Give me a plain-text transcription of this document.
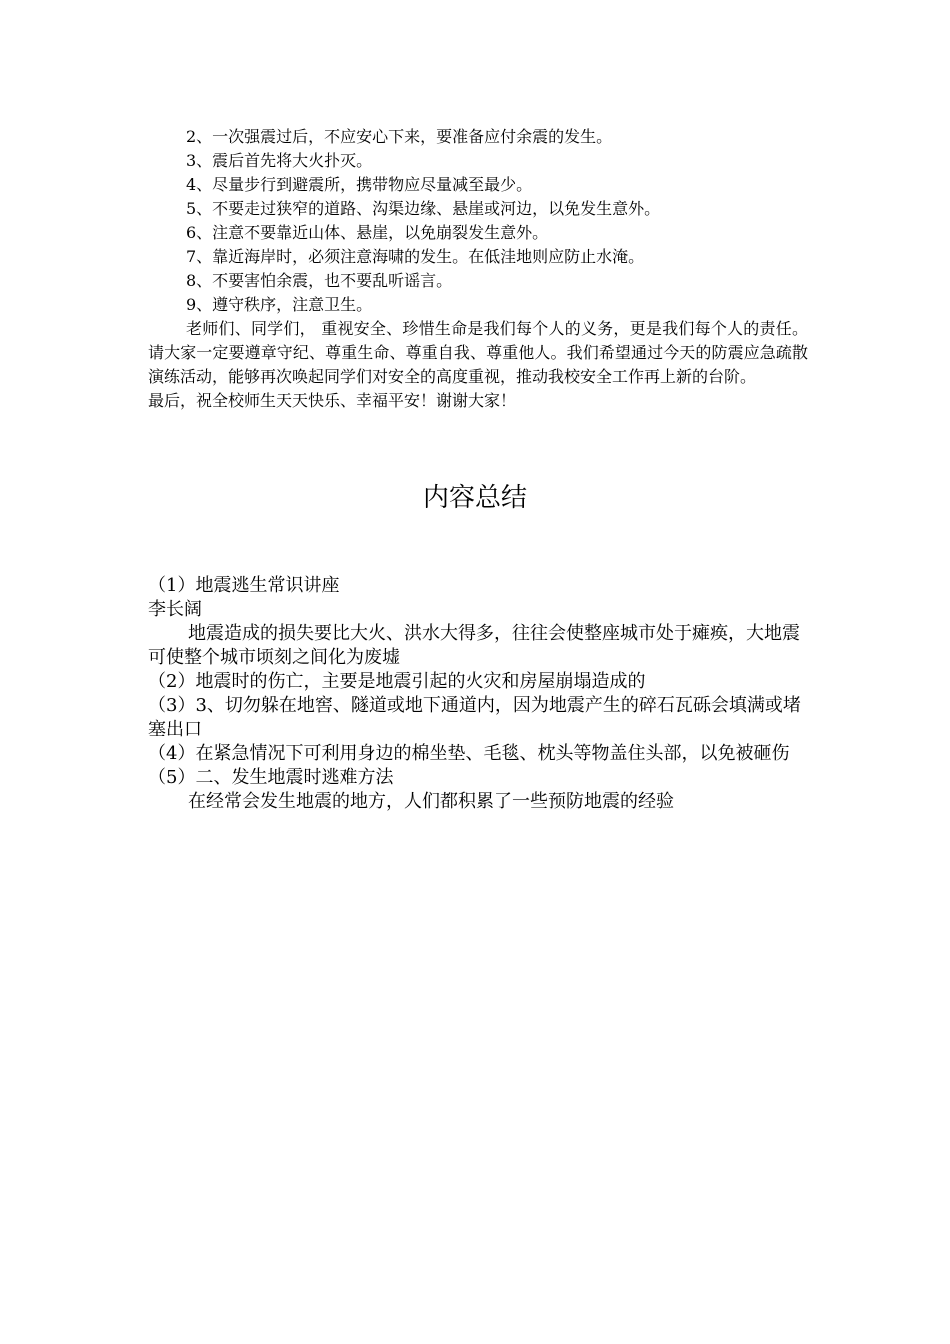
2、一次强震过后，不应安心下来，要准备应付余震的发生。
3、震后首先将大火扑灭。
4、尽量步行到避震所，携带物应尽量减至最少。
5、不要走过狭窄的道路、沟渠边缘、悬崖或河边，以免发生意外。
6、注意不要靠近山体、悬崖，以免崩裂发生意外。
7、靠近海岸时，必须注意海啸的发生。在低洼地则应防止水淹。
8、不要害怕余震，也不要乱听谣言。
9、遵守秩序，注意卫生。
老师们、同学们， 重视安全、珍惜生命是我们每个人的义务，更是我们每个人的责任。请大家一定要遵章守纪、尊重生命、尊重自我、尊重他人。我们希望通过今天的防震应急疏散演练活动，能够再次唤起同学们对安全的高度重视，推动我校安全工作再上新的台阶。
最后，祝全校师生天天快乐、幸福平安！谢谢大家！
内容总结
（1）地震逃生常识讲座
李长阔
地震造成的损失要比大火、洪水大得多，往往会使整座城市处于瘫痪，大地震可使整个城市顷刻之间化为废墟
（2）地震时的伤亡，主要是地震引起的火灾和房屋崩塌造成的
（3）3、切勿躲在地窖、隧道或地下通道内，因为地震产生的碎石瓦砾会填满或堵塞出口
（4）在紧急情况下可利用身边的棉坐垫、毛毯、枕头等物盖住头部，以免被砸伤
（5）二、发生地震时逃难方法
在经常会发生地震的地方，人们都积累了一些预防地震的经验
